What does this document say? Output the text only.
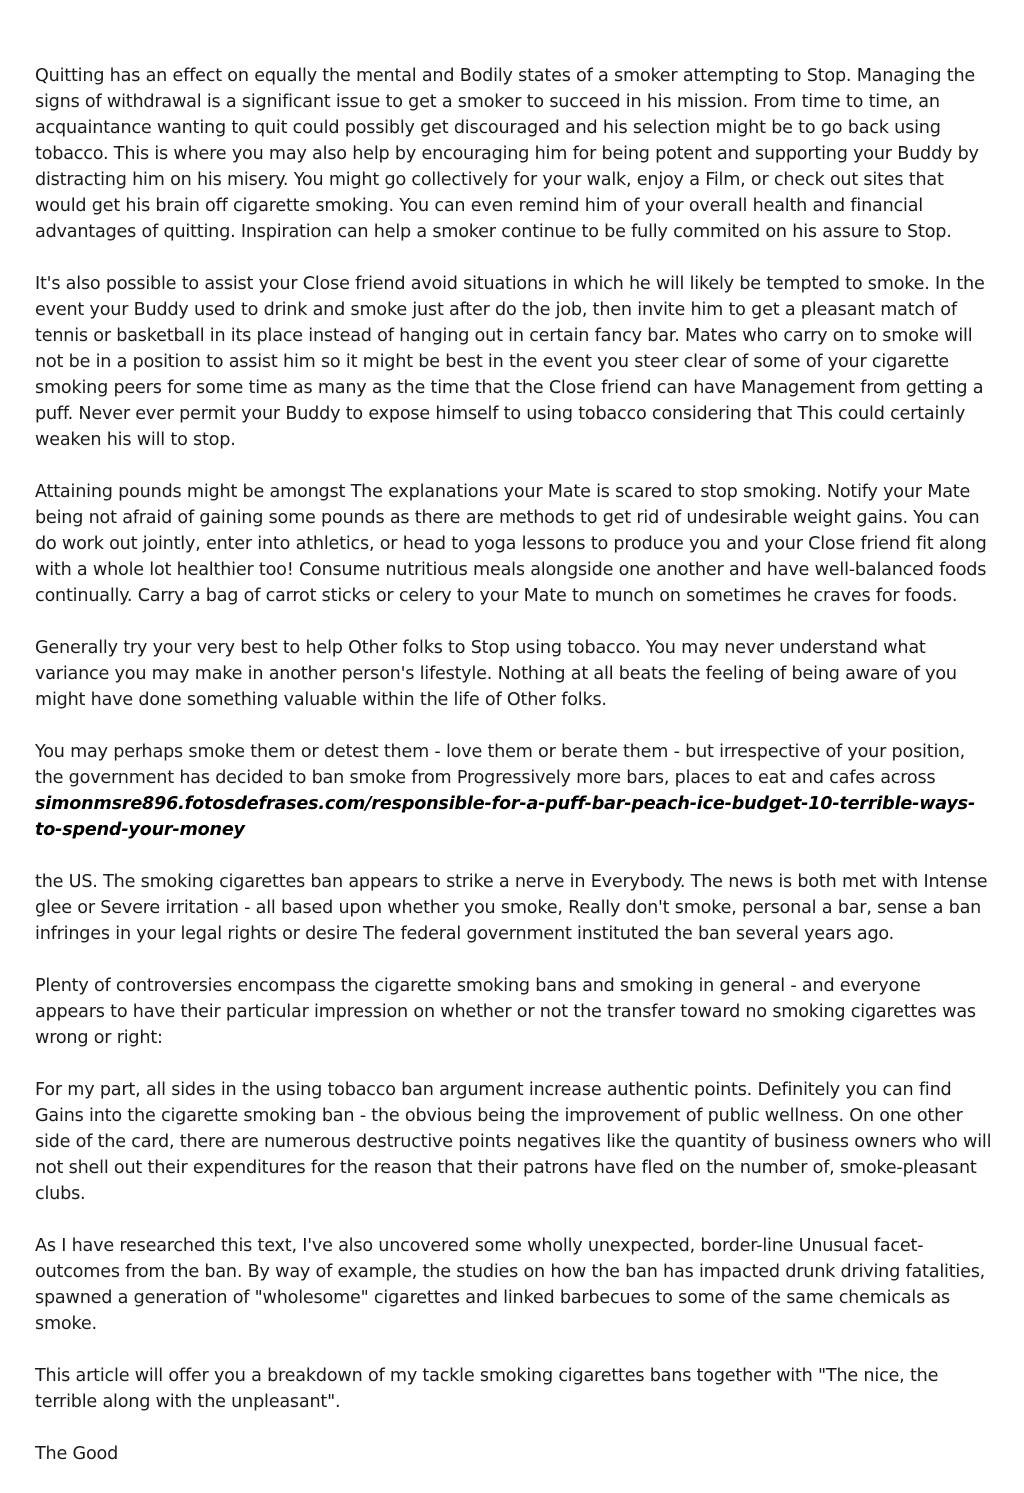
Quitting has an effect on equally the mental and Bodily states of a smoker attempting to Stop. Managing the signs of withdrawal is a significant issue to get a smoker to succeed in his mission. From time to time, an acquaintance wanting to quit could possibly get discouraged and his selection might be to go back using tobacco. This is where you may also help by encouraging him for being potent and supporting your Buddy by distracting him on his misery. You might go collectively for your walk, enjoy a Film, or check out sites that would get his brain off cigarette smoking. You can even remind him of your overall health and financial advantages of quitting. Inspiration can help a smoker continue to be fully commited on his assure to Stop.

It's also possible to assist your Close friend avoid situations in which he will likely be tempted to smoke. In the event your Buddy used to drink and smoke just after do the job, then invite him to get a pleasant match of tennis or basketball in its place instead of hanging out in certain fancy bar. Mates who carry on to smoke will not be in a position to assist him so it might be best in the event you steer clear of some of your cigarette smoking peers for some time as many as the time that the Close friend can have Management from getting a puff. Never ever permit your Buddy to expose himself to using tobacco considering that This could certainly weaken his will to stop.

Attaining pounds might be amongst The explanations your Mate is scared to stop smoking. Notify your Mate being not afraid of gaining some pounds as there are methods to get rid of undesirable weight gains. You can do work out jointly, enter into athletics, or head to yoga lessons to produce you and your Close friend fit along with a whole lot healthier too! Consume nutritious meals alongside one another and have well-balanced foods continually. Carry a bag of carrot sticks or celery to your Mate to munch on sometimes he craves for foods.

Generally try your very best to help Other folks to Stop using tobacco. You may never understand what variance you may make in another person's lifestyle. Nothing at all beats the feeling of being aware of you might have done something valuable within the life of Other folks.

You may perhaps smoke them or detest them - love them or berate them - but irrespective of your position, the government has decided to ban smoke from Progressively more bars, places to eat and cafes across
simonmsre896.fotosdefrases.com/responsible-for-a-puff-bar-peach-ice-budget-10-terrible-ways-to-spend-your-money

the US. The smoking cigarettes ban appears to strike a nerve in Everybody. The news is both met with Intense glee or Severe irritation - all based upon whether you smoke, Really don't smoke, personal a bar, sense a ban infringes in your legal rights or desire The federal government instituted the ban several years ago.

Plenty of controversies encompass the cigarette smoking bans and smoking in general - and everyone appears to have their particular impression on whether or not the transfer toward no smoking cigarettes was wrong or right:

For my part, all sides in the using tobacco ban argument increase authentic points. Definitely you can find Gains into the cigarette smoking ban - the obvious being the improvement of public wellness. On one other side of the card, there are numerous destructive points negatives like the quantity of business owners who will not shell out their expenditures for the reason that their patrons have fled on the number of, smoke-pleasant clubs.

As I have researched this text, I've also uncovered some wholly unexpected, border-line Unusual facet-outcomes from the ban. By way of example, the studies on how the ban has impacted drunk driving fatalities, spawned a generation of "wholesome" cigarettes and linked barbecues to some of the same chemicals as smoke.

This article will offer you a breakdown of my tackle smoking cigarettes bans together with "The nice, the terrible along with the unpleasant".

The Good
